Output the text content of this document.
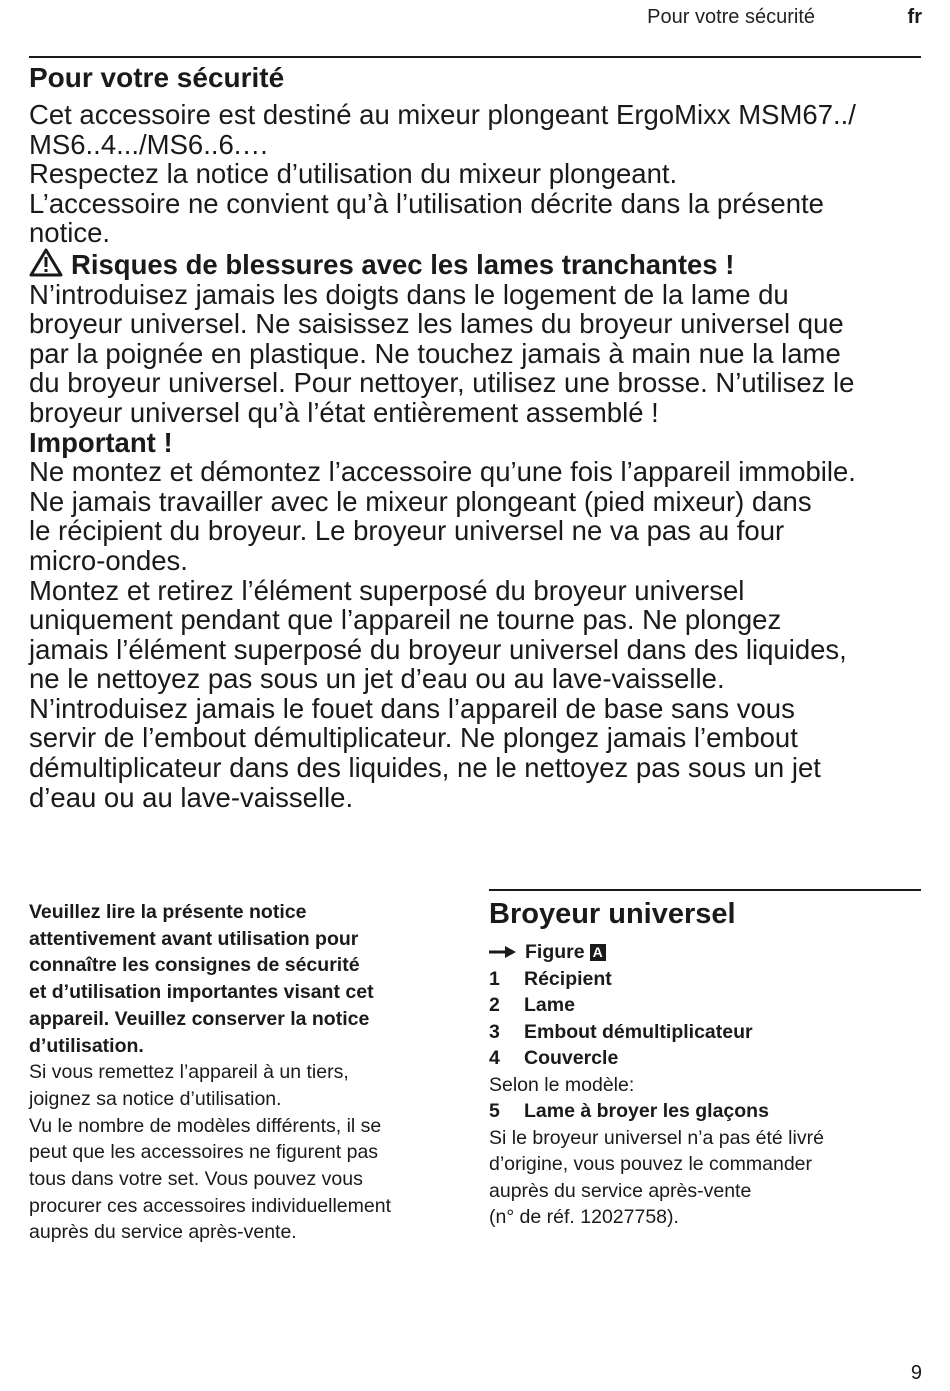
Pour votre sécurité	fr
Pour votre sécurité

Cet accessoire est destiné au mixeur plongeant ErgoMixx MSM67../

MS6..4.../MS6..6.…

Respectez la notice d’utilisation du mixeur plongeant.

L’accessoire ne convient qu’à l’utilisation décrite dans la présente

notice.

Risques de blessures avec les lames tranchantes !

N’introduisez jamais les doigts dans le logement de la lame du

broyeur universel. Ne saisissez les lames du broyeur universel que

par la poignée en plastique. Ne touchez jamais à main nue la lame

du broyeur universel. Pour nettoyer, utilisez une brosse. N’utilisez le

broyeur universel qu’à l’état entièrement assemblé !

Important !

Ne montez et démontez l’accessoire qu’une fois l’appareil immobile.

Ne jamais travailler avec le mixeur plongeant (pied mixeur) dans

le récipient du broyeur. Le broyeur universel ne va pas au four

micro-ondes.

Montez et retirez l’élément superposé du broyeur universel

uniquement pendant que l’appareil ne tourne pas. Ne plongez

jamais l’élément superposé du broyeur universel dans des liquides,

ne le nettoyez pas sous un jet d’eau ou au lave-vaisselle.

N’introduisez jamais le fouet dans l’appareil de base sans vous

servir de l’embout démultiplicateur. Ne plongez jamais l’embout

démultiplicateur dans des liquides, ne le nettoyez pas sous un jet

d’eau ou au lave-vaisselle.

Veuillez lire la présente notice

attentivement avant utilisation pour

connaître les consignes de sécurité

et d’utilisation importantes visant cet

appareil. Veuillez conserver la notice

d’utilisation.

Si vous remettez l’appareil à un tiers,

joignez sa notice d’utilisation.

Vu le nombre de modèles différents, il se

peut que les accessoires ne figurent pas

tous dans votre set. Vous pouvez vous

procurer ces accessoires individuellement

auprès du service après-vente.

Broyeur universel
Figure A
1	Récipient
2	Lame
3	Embout démultiplicateur
4	Couvercle

Selon le modèle:

5	Lame à broyer les glaçons

Si le broyeur universel n’a pas été livré

d’origine, vous pouvez le commander

auprès du service après-vente

(n° de réf. 12027758).

9
